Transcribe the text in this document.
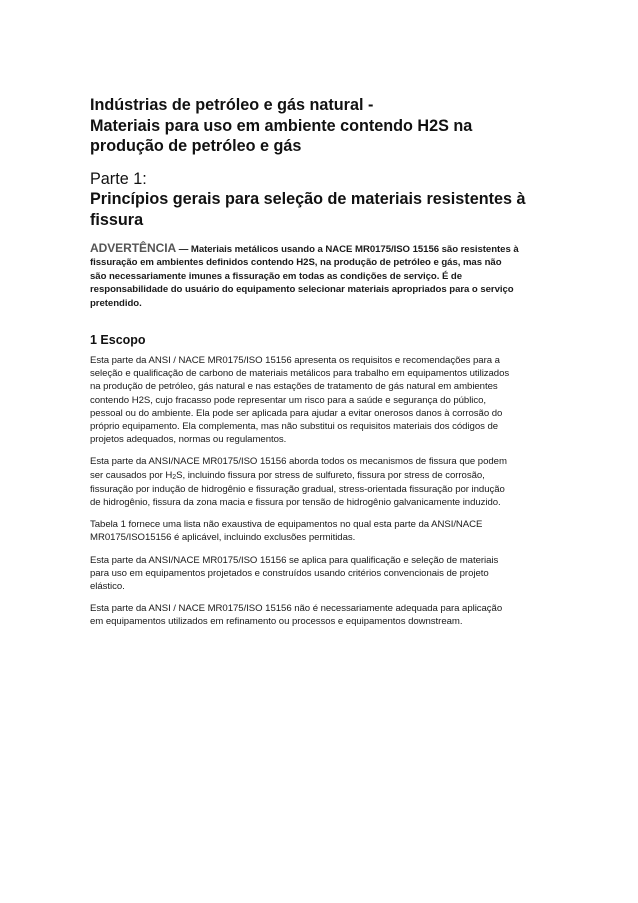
Indústrias de petróleo e gás natural -
Materiais para uso em ambiente contendo H2S na
produção de petróleo e gás
Parte 1:
Princípios gerais para seleção de materiais resistentes à
fissura
ADVERTÊNCIA — Materiais metálicos usando a NACE MR0175/ISO 15156 são resistentes à
fissuração em ambientes definidos contendo H2S, na produção de petróleo e gás, mas não
são necessariamente imunes a fissuração em todas as condições de serviço. É de
responsabilidade do usuário do equipamento selecionar materiais apropriados para o serviço
pretendido.
1 Escopo

Esta parte da ANSI / NACE MR0175/ISO 15156 apresenta os requisitos e recomendações para a
seleção e qualificação de carbono de materiais metálicos para trabalho em equipamentos utilizados
na produção de petróleo, gás natural e nas estações de tratamento de gás natural em ambientes
contendo H2S, cujo fracasso pode representar um risco para a saúde e segurança do público,
pessoal ou do ambiente. Ela pode ser aplicada para ajudar a evitar onerosos danos à corrosão do
próprio equipamento. Ela complementa, mas não substitui os requisitos materiais dos códigos de
projetos adequados, normas ou regulamentos.

Esta parte da ANSI/NACE MR0175/ISO 15156 aborda todos os mecanismos de fissura que podem
ser causados por $H_2S$, incluindo fissura por stress de sulfureto, fissura por stress de corrosão,
fissuração por indução de hidrogênio e fissuração gradual, stress-orientada fissuração por indução
de hidrogênio, fissura da zona macia e fissura por tensão de hidrogênio galvanicamente induzido.

Tabela 1 fornece uma lista não exaustiva de equipamentos no qual esta parte da ANSI/NACE
MR0175/ISO15156 é aplicável, incluindo exclusões permitidas.

Esta parte da ANSI/NACE MR0175/ISO 15156 se aplica para qualificação e seleção de materiais
para uso em equipamentos projetados e construídos usando critérios convencionais de projeto
elástico.

Esta parte da ANSI / NACE MR0175/ISO 15156 não é necessariamente adequada para aplicação
em equipamentos utilizados em refinamento ou processos e equipamentos downstream.
